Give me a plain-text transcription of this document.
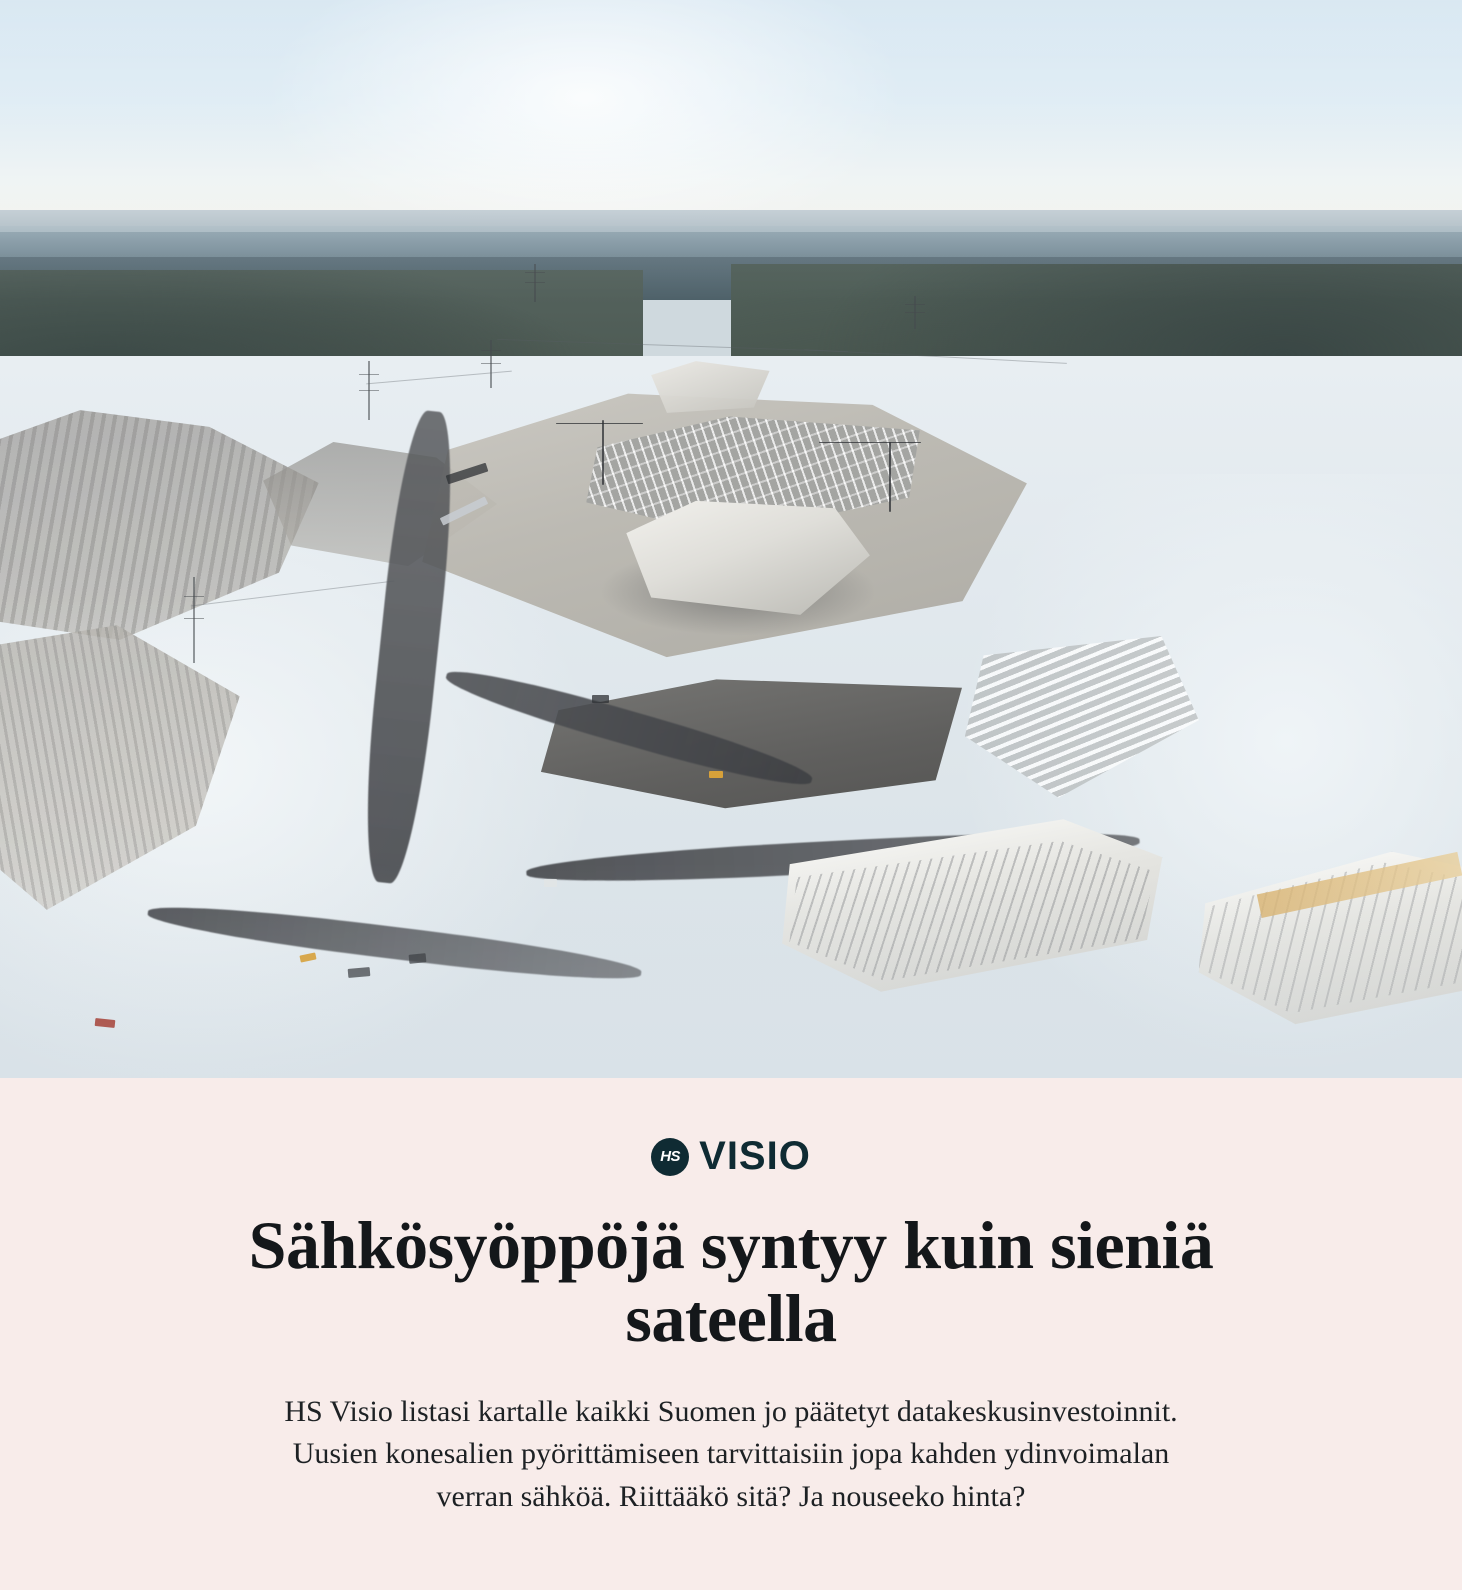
HS VISIO
Sähkösyöppöjä syntyy kuin sieniä sateella

HS Visio listasi kartalle kaikki Suomen jo päätetyt datakeskusinvestoinnit. Uusien konesalien pyörittämiseen tarvittaisiin jopa kahden ydinvoimalan verran sähköä. Riittääkö sitä? Ja nouseeko hinta?
